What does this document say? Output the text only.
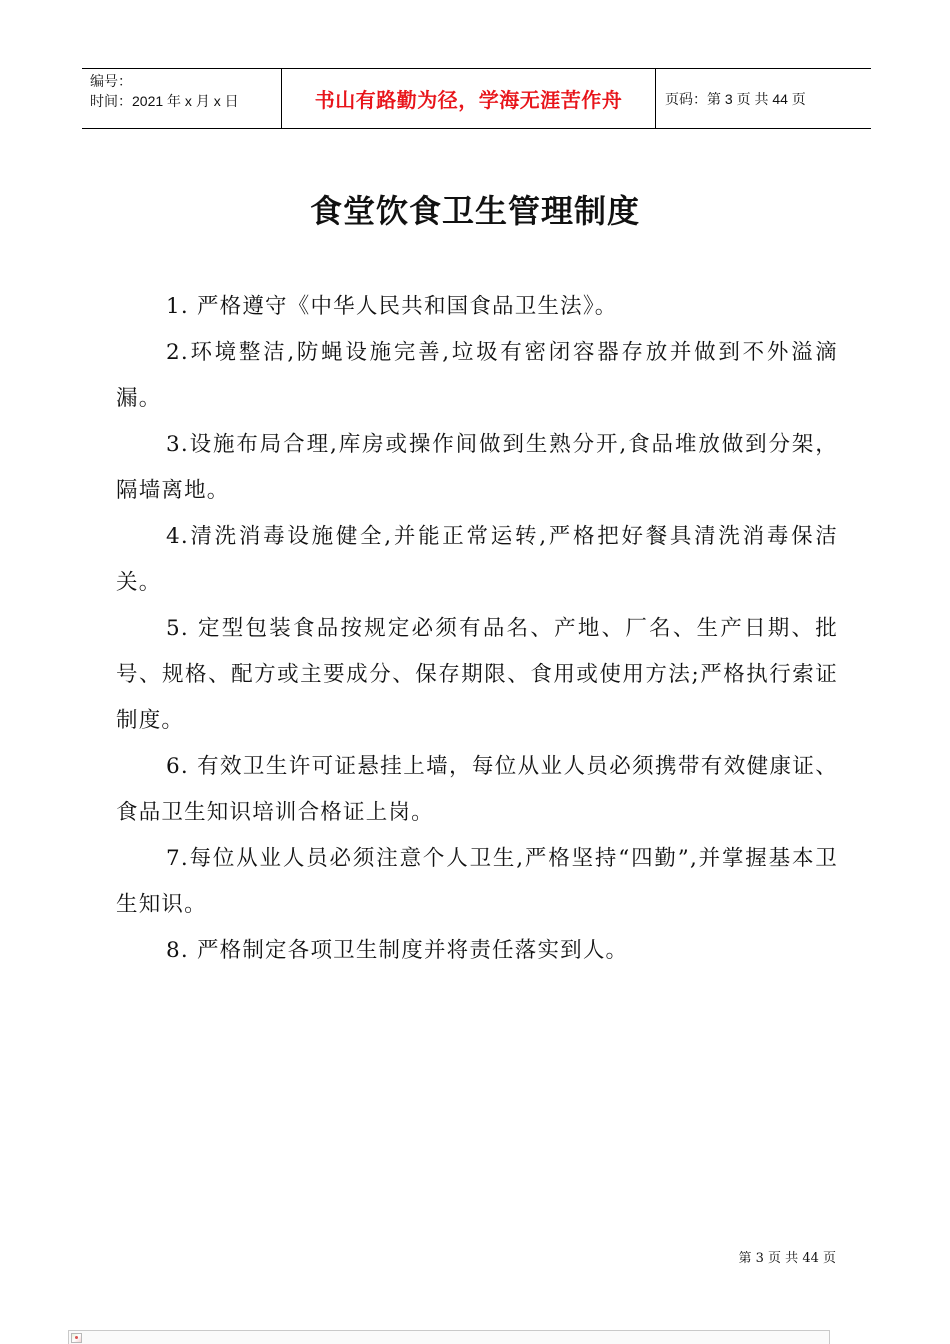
编号：
时间：2021 年 x 月 x 日	书山有路勤为径，学海无涯苦作舟	页码：第 3 页 共 44 页
食堂饮食卫生管理制度

1. 严格遵守《中华人民共和国食品卫生法》。

2.环境整洁,防蝇设施完善,垃圾有密闭容器存放并做到不外溢滴漏。

3.设施布局合理,库房或操作间做到生熟分开,食品堆放做到分架，隔墙离地。

4.清洗消毒设施健全,并能正常运转,严格把好餐具清洗消毒保洁关。

5. 定型包装食品按规定必须有品名、产地、厂名、生产日期、批号、规格、配方或主要成分、保存期限、食用或使用方法;严格执行索证制度。

6. 有效卫生许可证悬挂上墙，每位从业人员必须携带有效健康证、食品卫生知识培训合格证上岗。

7.每位从业人员必须注意个人卫生,严格坚持“四勤”,并掌握基本卫生知识。

8. 严格制定各项卫生制度并将责任落实到人。

第 3 页 共 44 页
